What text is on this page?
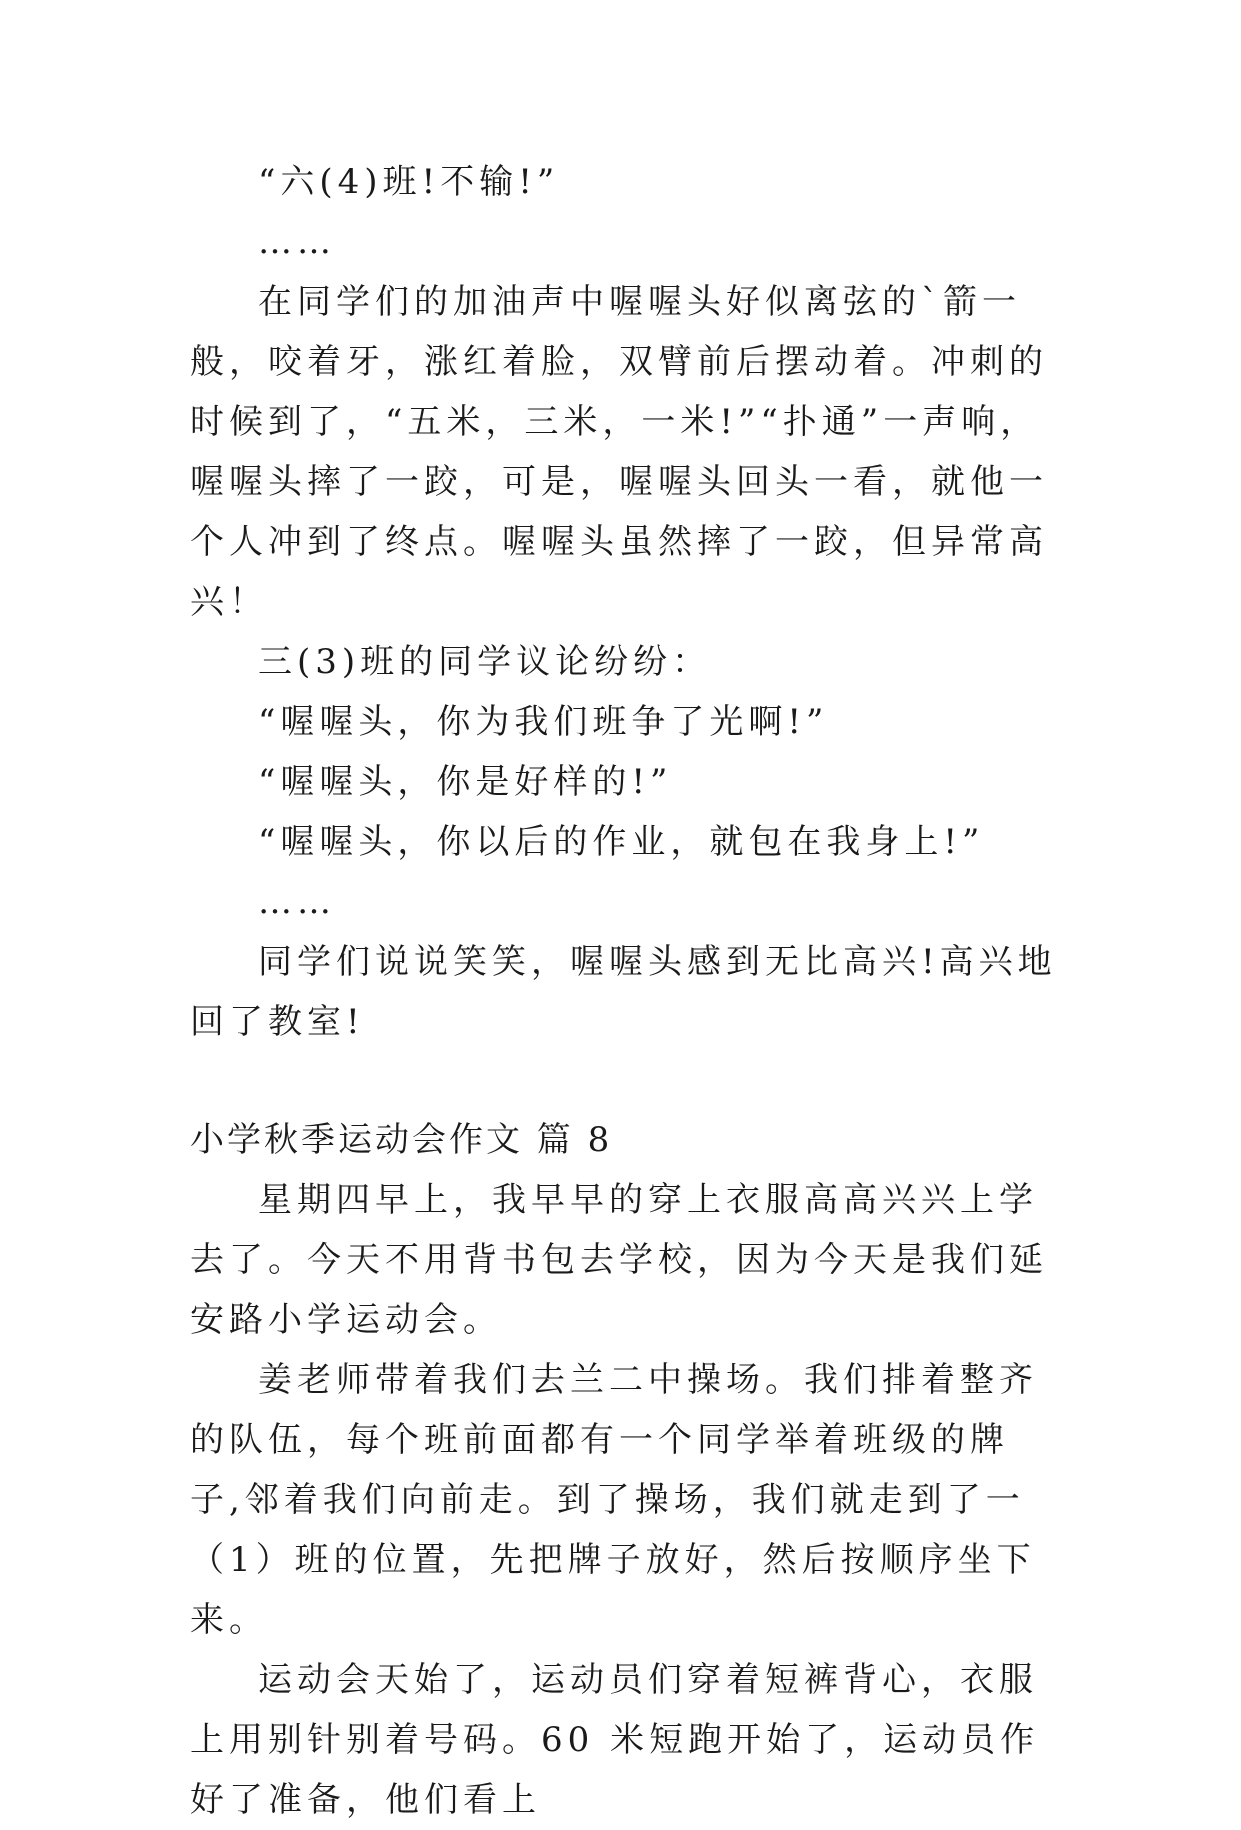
“六(4)班!不输!”

……

在同学们的加油声中喔喔头好似离弦的`箭一般，咬着牙，涨红着脸，双臂前后摆动着。冲刺的时候到了，“五米，三米，一米!”“扑通”一声响，喔喔头摔了一跤，可是，喔喔头回头一看，就他一个人冲到了终点。喔喔头虽然摔了一跤，但异常高兴！

三(3)班的同学议论纷纷：

“喔喔头，你为我们班争了光啊!”

“喔喔头，你是好样的!”

“喔喔头，你以后的作业，就包在我身上!”

……

同学们说说笑笑，喔喔头感到无比高兴!高兴地回了教室!

小学秋季运动会作文 篇 8

星期四早上，我早早的穿上衣服高高兴兴上学去了。今天不用背书包去学校，因为今天是我们延安路小学运动会。

姜老师带着我们去兰二中操场。我们排着整齐的队伍，每个班前面都有一个同学举着班级的牌子,邻着我们向前走。到了操场，我们就走到了一（1）班的位置，先把牌子放好，然后按顺序坐下来。

运动会天始了，运动员们穿着短裤背心，衣服上用别针别着号码。60 米短跑开始了，运动员作好了准备，他们看上
